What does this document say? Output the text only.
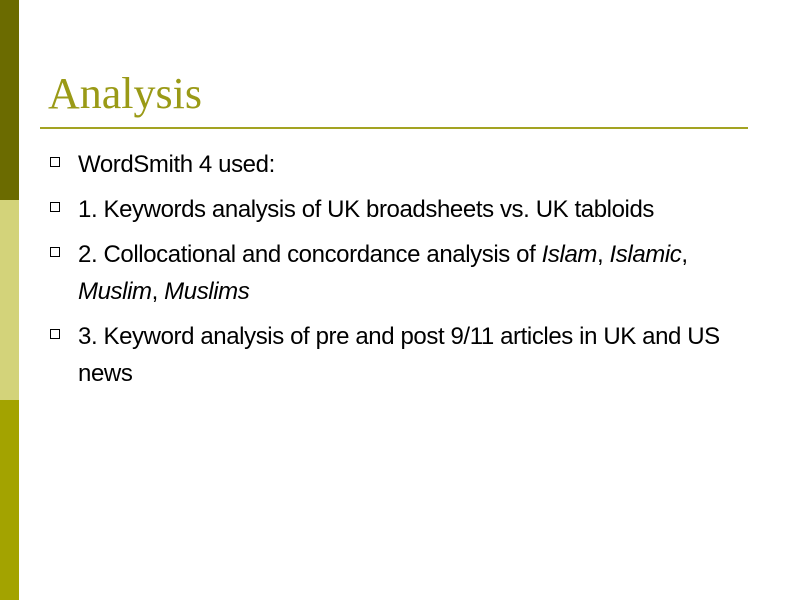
Analysis
WordSmith 4 used:
1. Keywords analysis of UK broadsheets vs. UK tabloids
2. Collocational and concordance analysis of Islam, Islamic, Muslim, Muslims
3. Keyword analysis of pre and post 9/11 articles in UK and US news
